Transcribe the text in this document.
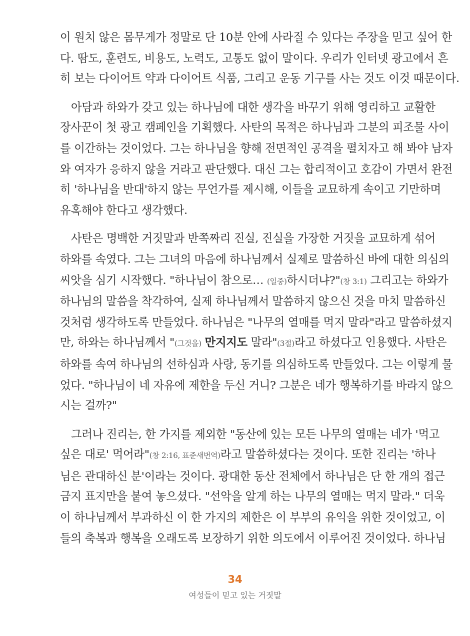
이 원치 않은 몸무게가 정말로 단 10분 안에 사라질 수 있다는 주장을 믿고 싶어 한

다. 땀도, 훈련도, 비용도, 노력도, 고통도 없이 말이다. 우리가 인터넷 광고에서 흔

히 보는 다이어트 약과 다이어트 식품, 그리고 운동 기구를 사는 것도 이것 때문이다.

아담과 하와가 갖고 있는 하나님에 대한 생각을 바꾸기 위해 영리하고 교활한

장사꾼이 첫 광고 캠페인을 기획했다. 사탄의 목적은 하나님과 그분의 피조물 사이

를 이간하는 것이었다. 그는 하나님을 향해 전면적인 공격을 펼치자고 해 봐야 남자

와 여자가 응하지 않을 거라고 판단했다. 대신 그는 합리적이고 호감이 가면서 완전

히 '하나님을 반대'하지 않는 무언가를 제시해, 이들을 교묘하게 속이고 기만하며

유혹해야 한다고 생각했다.

사탄은 명백한 거짓말과 반쪽짜리 진실, 진실을 가장한 거짓을 교묘하게 섞어

하와를 속였다. 그는 그녀의 마음에 하나님께서 실제로 말씀하신 바에 대한 의심의

씨앗을 심기 시작했다. "하나님이 참으로… (일중)하시더냐?"(창 3:1) 그리고는 하와가

하나님의 말씀을 착각하여, 실제 하나님께서 말씀하지 않으신 것을 마치 말씀하신

것처럼 생각하도록 만들었다. 하나님은 "나무의 열매를 먹지 말라"라고 말씀하셨지

만, 하와는 하나님께서 "(그것을) 만지지도 말라"(3절)라고 하셨다고 인용했다. 사탄은

하와를 속여 하나님의 선하심과 사랑, 동기를 의심하도록 만들었다. 그는 이렇게 물

었다. "하나님이 네 자유에 제한을 두신 거니? 그분은 네가 행복하기를 바라지 않으

시는 걸까?"

그러나 진리는, 한 가지를 제외한 "동산에 있는 모든 나무의 열매는 네가 '먹고

싶은 대로' 먹어라"(창 2:16, 표준새번역)라고 말씀하셨다는 것이다. 또한 진리는 '하나

님은 관대하신 분'이라는 것이다. 광대한 동산 전체에서 하나님은 단 한 개의 접근

금지 표지만을 붙여 놓으셨다. "선악을 알게 하는 나무의 열매는 먹지 말라." 더욱

이 하나님께서 부과하신 이 한 가지의 제한은 이 부부의 유익을 위한 것이었고, 이

들의 축복과 행복을 오래도록 보장하기 위한 의도에서 이루어진 것이었다. 하나님

34
여성들이 믿고 있는 거짓말
